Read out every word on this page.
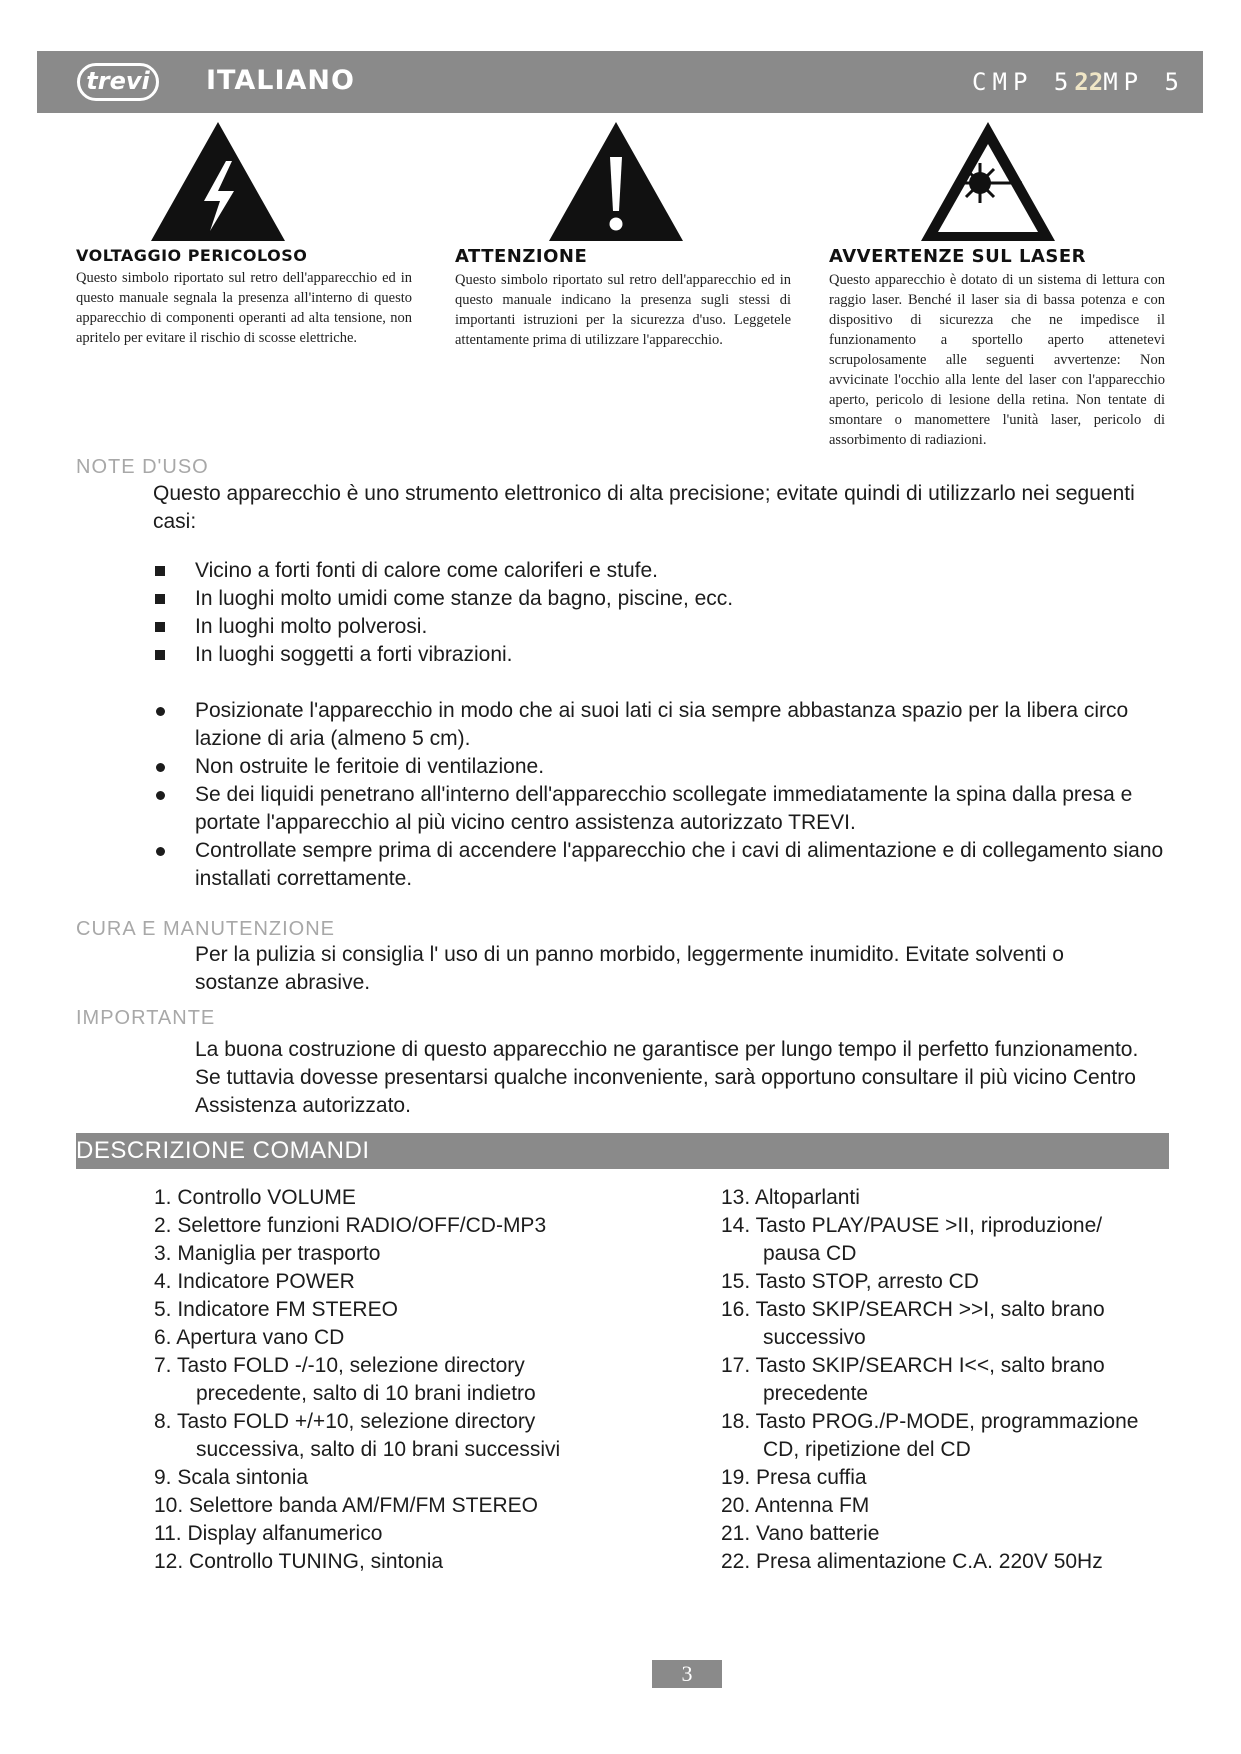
trevi	ITALIANO	CMP 522MP 5
VOLTAGGIO PERICOLOSO
Questo simbolo riportato sul retro dell'apparecchio ed in questo manuale segnala la presenza all'interno di questo apparecchio di componenti operanti ad alta tensione, non apritelo per evitare il rischio di scosse elettriche.
ATTENZIONE
Questo simbolo riportato sul retro dell'apparecchio ed in questo manuale indicano la presenza sugli stessi di importanti istruzioni per la sicurezza d'uso. Leggetele attentamente prima di utilizzare l'apparecchio.
AVVERTENZE SUL LASER
Questo apparecchio è dotato di un sistema di lettura con raggio laser. Benché il laser sia di bassa potenza e con dispositivo di sicurezza che ne impedisce il funzionamento a sportello aperto attenetevi scrupolosamente alle seguenti avvertenze: Non avvicinate l'occhio alla lente del laser con l'apparecchio aperto, pericolo di lesione della retina. Non tentate di smontare o manomettere l'unità laser, pericolo di assorbimento di radiazioni.
NOTE D'USO
Questo apparecchio è uno strumento elettronico di alta precisione; evitate quindi di utilizzarlo nei seguenti casi:
Vicino a forti fonti di calore come caloriferi e stufe.
In luoghi molto umidi come stanze da bagno, piscine, ecc.
In luoghi molto polverosi.
In luoghi soggetti a forti vibrazioni.
Posizionate l'apparecchio in modo che ai suoi lati ci sia sempre abbastanza spazio per la libera circo lazione di aria (almeno 5 cm).
Non ostruite le feritoie di ventilazione.
Se dei liquidi penetrano all'interno dell'apparecchio scollegate immediatamente la spina dalla presa e portate l'apparecchio al più vicino centro assistenza autorizzato TREVI.
Controllate sempre prima di accendere l'apparecchio che i cavi di alimentazione e di collegamento siano installati correttamente.
CURA E MANUTENZIONE
Per la pulizia si consiglia l' uso di un panno morbido, leggermente inumidito. Evitate solventi o sostanze abrasive.
IMPORTANTE
La buona costruzione di questo apparecchio ne garantisce per lungo tempo il perfetto funzionamento. Se tuttavia dovesse presentarsi qualche inconveniente, sarà opportuno consultare il più vicino Centro Assistenza autorizzato.
DESCRIZIONE COMANDI
1. Controllo VOLUME
2. Selettore funzioni RADIO/OFF/CD-MP3
3. Maniglia per trasporto
4. Indicatore POWER
5. Indicatore FM STEREO
6. Apertura vano CD
7. Tasto FOLD -/-10, selezione directory
precedente, salto di 10 brani indietro
8. Tasto FOLD +/+10, selezione directory
successiva, salto di 10 brani successivi
9. Scala sintonia
10. Selettore banda AM/FM/FM STEREO
11. Display alfanumerico
12. Controllo TUNING, sintonia
13. Altoparlanti
14. Tasto PLAY/PAUSE >II, riproduzione/
pausa CD
15. Tasto STOP, arresto CD
16. Tasto SKIP/SEARCH >>I, salto brano
successivo
17. Tasto SKIP/SEARCH I<<, salto brano
precedente
18. Tasto PROG./P-MODE, programmazione
CD, ripetizione del CD
19. Presa cuffia
20. Antenna FM
21. Vano batterie
22. Presa alimentazione C.A. 220V 50Hz
3
